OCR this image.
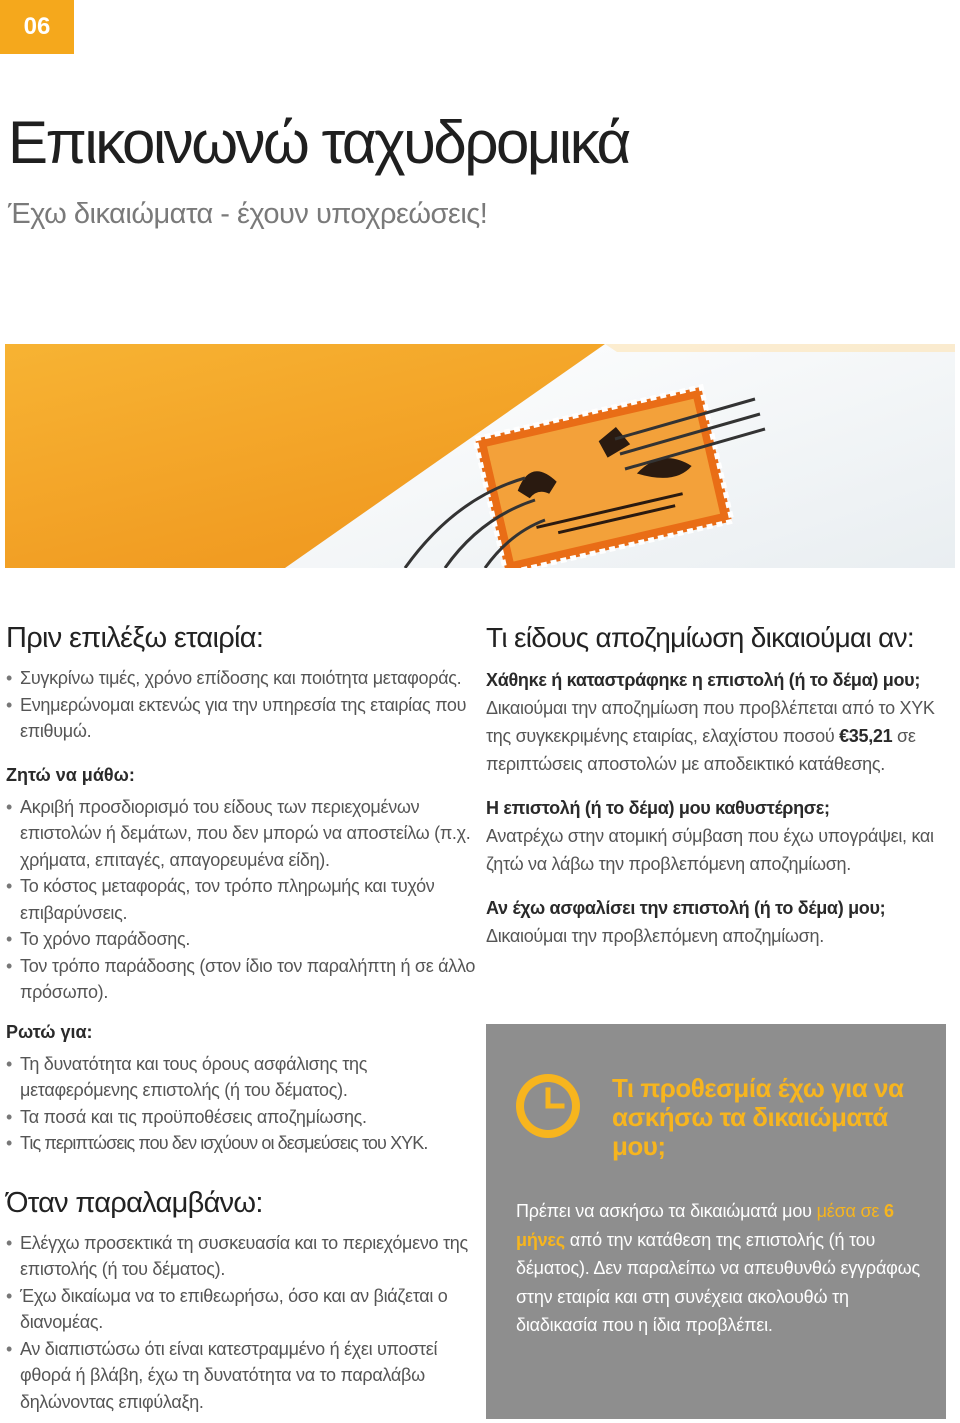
06
Επικοινωνώ ταχυδρομικά

Έχω δικαιώματα - έχουν υποχρεώσεις!

Πριν επιλέξω εταιρία:
• Συγκρίνω τιμές, χρόνο επίδοσης και ποιότητα μεταφοράς.
• Ενημερώνομαι εκτενώς για την υπηρεσία της εταιρίας που επιθυμώ.
Ζητώ να μάθω:
• Ακριβή προσδιορισμό του είδους των περιεχομένων επιστολών ή δεμάτων, που δεν μπορώ να αποστείλω (π.χ. χρήματα, επιταγές, απαγορευμένα είδη).
• Το κόστος μεταφοράς, τον τρόπο πληρωμής και τυχόν επιβαρύνσεις.
• Το χρόνο παράδοσης.
• Τον τρόπο παράδοσης (στον ίδιο τον παραλήπτη ή σε άλλο πρόσωπο).
Ρωτώ για:
• Τη δυνατότητα και τους όρους ασφάλισης της μεταφερόμενης επιστολής (ή του δέματος).
• Τα ποσά και τις προϋποθέσεις αποζημίωσης.
• Τις περιπτώσεις που δεν ισχύουν οι δεσμεύσεις του ΧΥΚ.
Όταν παραλαμβάνω:
• Ελέγχω προσεκτικά τη συσκευασία και το περιεχόμενο της επιστολής (ή του δέματος).
• Έχω δικαίωμα να το επιθεωρήσω, όσο και αν βιάζεται ο διανομέας.
• Αν διαπιστώσω ότι είναι κατεστραμμένο ή έχει υποστεί φθορά ή βλάβη, έχω τη δυνατότητα να το παραλάβω δηλώνοντας επιφύλαξη.
Τι είδους αποζημίωση δικαιούμαι αν:

Χάθηκε ή καταστράφηκε η επιστολή (ή το δέμα) μου;
Δικαιούμαι την αποζημίωση που προβλέπεται από το ΧΥΚ της συγκεκριμένης εταιρίας, ελαχίστου ποσού €35,21 σε περιπτώσεις αποστολών με αποδεικτικό κατάθεσης.

Η επιστολή (ή το δέμα) μου καθυστέρησε;
Ανατρέχω στην ατομική σύμβαση που έχω υπογράψει, και ζητώ να λάβω την προβλεπόμενη αποζημίωση.

Αν έχω ασφαλίσει την επιστολή (ή το δέμα) μου;
Δικαιούμαι την προβλεπόμενη αποζημίωση.

Τι προθεσμία έχω για να ασκήσω τα δικαιώματά μου;

Πρέπει να ασκήσω τα δικαιώματά μου μέσα σε 6 μήνες από την κατάθεση της επιστολής (ή του δέματος). Δεν παραλείπω να απευθυνθώ εγγράφως στην εταιρία και στη συνέχεια ακολουθώ τη διαδικασία που η ίδια προβλέπει.
